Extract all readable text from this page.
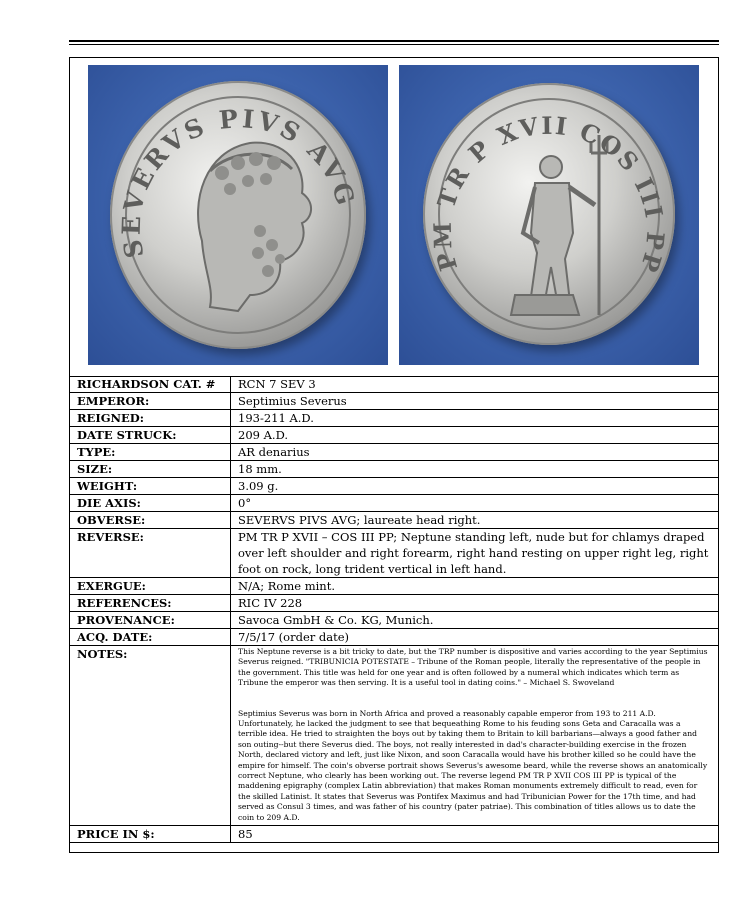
SEVERVS PIVS AVG
PM TR P XVII COS III PP
RICHARDSON CAT. #	RCN 7 SEV 3
EMPEROR:	Septimius Severus
REIGNED:	193-211 A.D.
DATE STRUCK:	209 A.D.
TYPE:	AR denarius
SIZE:	18 mm.
WEIGHT:	3.09 g.
DIE AXIS:	0°
OBVERSE:	SEVERVS PIVS AVG; laureate head right.
REVERSE:	PM TR P XVII – COS III PP; Neptune standing left, nude but for chlamys draped over left shoulder and right forearm, right hand resting on upper right leg, right foot on rock, long trident vertical in left hand.
EXERGUE:	N/A; Rome mint.
REFERENCES:	RIC IV 228
PROVENANCE:	Savoca GmbH & Co. KG, Munich.
ACQ. DATE:	7/5/17 (order date)
NOTES:	This Neptune reverse is a bit tricky to date, but the TRP number is dispositive and varies according to the year Septimius Severus reigned. "TRIBUNICIA POTESTATE – Tribune of the Roman people, literally the representative of the people in the government. This title was held for one year and is often followed by a numeral which indicates which term as Tribune the emperor was then serving. It is a useful tool in dating coins." – Michael S. Swoveland

Septimius Severus was born in North Africa and proved a reasonably capable emperor from 193 to 211 A.D. Unfortunately, he lacked the judgment to see that bequeathing Rome to his feuding sons Geta and Caracalla was a terrible idea. He tried to straighten the boys out by taking them to Britain to kill barbarians—always a good father and son outing--but there Severus died. The boys, not really interested in dad's character-building exercise in the frozen North, declared victory and left, just like Nixon, and soon Caracalla would have his brother killed so he could have the empire for himself. The coin's obverse portrait shows Severus's awesome beard, while the reverse shows an anatomically correct Neptune, who clearly has been working out. The reverse legend PM TR P XVII COS III PP is typical of the maddening epigraphy (complex Latin abbreviation) that makes Roman monuments extremely difficult to read, even for the skilled Latinist. It states that Severus was Pontifex Maximus and had Tribunician Power for the 17th time, and had served as Consul 3 times, and was father of his country (pater patriae). This combination of titles allows us to date the coin to 209 A.D.

PRICE IN $:	85
